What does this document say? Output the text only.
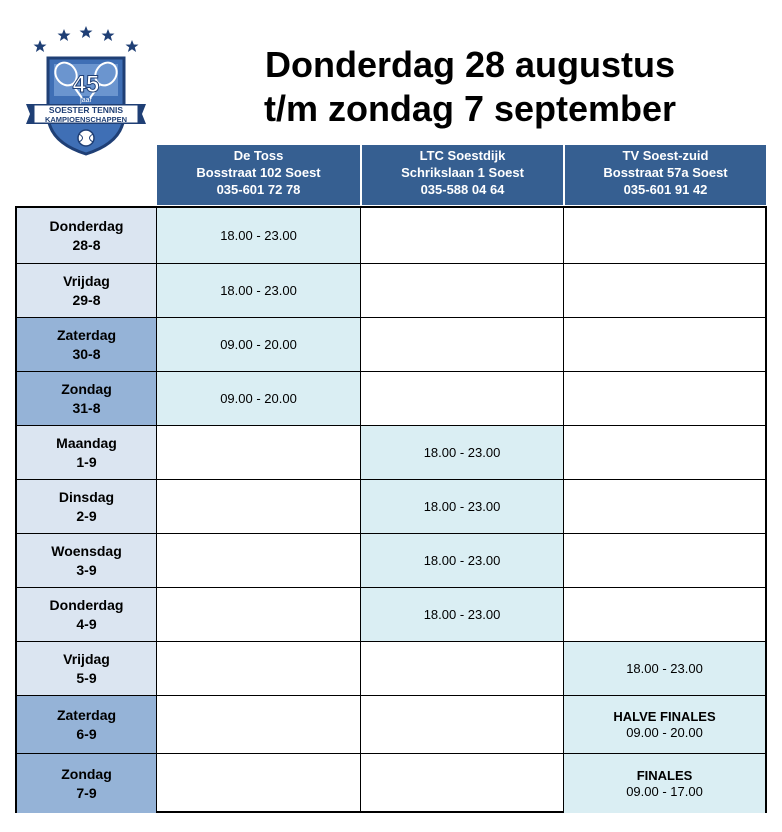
45
jaar
SOESTER TENNIS
KAMPIOENSCHAPPEN
Donderdag 28 augustus
t/m zondag 7 september
De Toss
Bosstraat 102 Soest
035-601 72 78
LTC Soestdijk
Schrikslaan 1 Soest
035-588 04 64
TV Soest-zuid
Bosstraat 57a Soest
035-601 91 42
Donderdag
28-8
18.00 - 23.00
Vrijdag
29-8
18.00 - 23.00
Zaterdag
30-8
09.00 - 20.00
Zondag
31-8
09.00 - 20.00
Maandag
1-9
18.00 - 23.00
Dinsdag
2-9
18.00 - 23.00
Woensdag
3-9
18.00 - 23.00
Donderdag
4-9
18.00 - 23.00
Vrijdag
5-9
18.00 - 23.00
Zaterdag
6-9
HALVE FINALES
09.00 - 20.00
Zondag
7-9
FINALES
09.00 - 17.00
